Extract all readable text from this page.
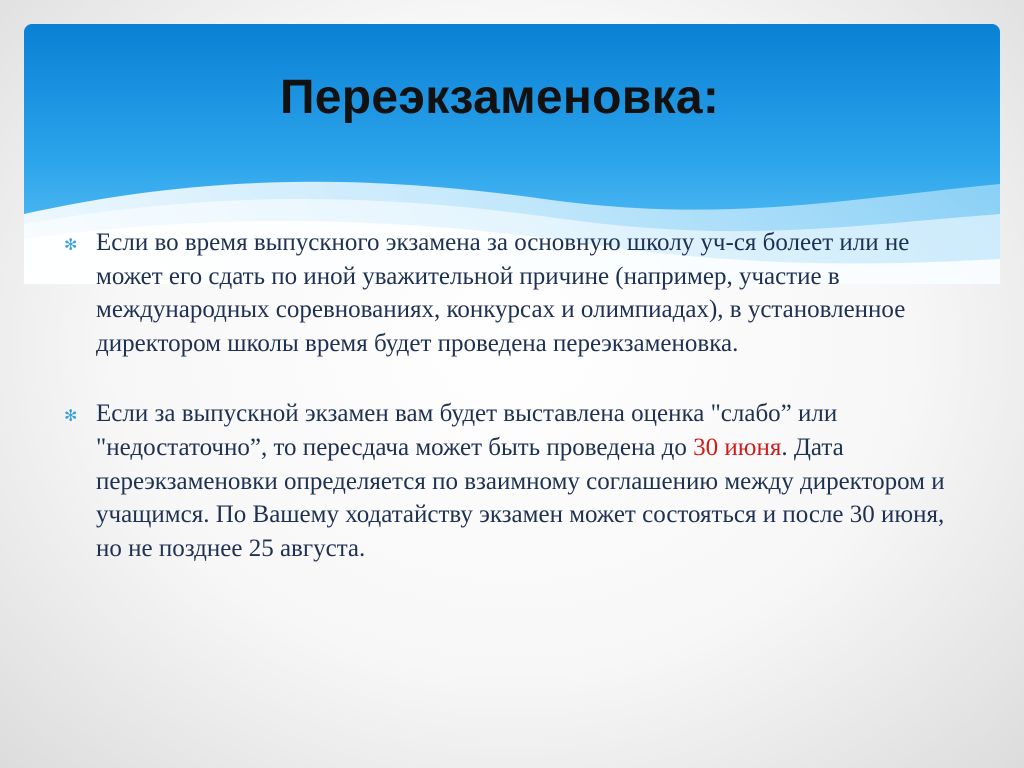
Переэкзаменовка:
✻ Если во время выпускного экзамена за основную школу уч-ся болеет или не может его сдать по иной уважительной причине (например, участие в международных соревнованиях, конкурсах и олимпиадах), в установленное директором школы время будет проведена переэкзаменовка.
✻ Если за выпускной экзамен вам будет выставлена оценка "слабо” или "недостаточно”, то пересдача может быть проведена до 30 июня. Дата переэкзаменовки определяется по взаимному соглашению между директором и учащимся. По Вашему ходатайству экзамен может состояться и после 30 июня, но не позднее 25 августа.
